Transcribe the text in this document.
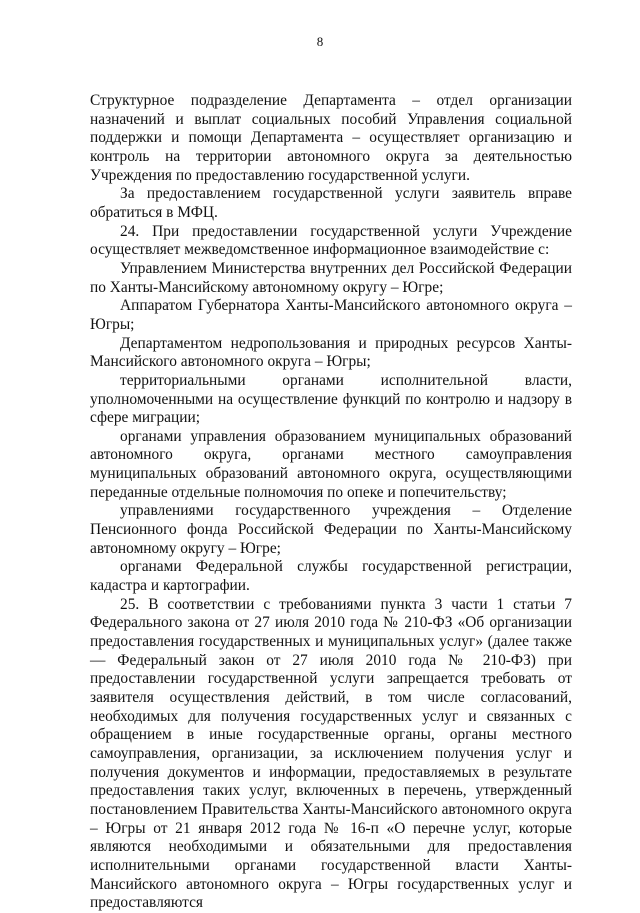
8

Структурное подразделение Департамента – отдел организации назначений и выплат социальных пособий Управления социальной поддержки и помощи Департамента – осуществляет организацию и контроль на территории автономного округа за деятельностью Учреждения по предоставлению государственной услуги.

За предоставлением государственной услуги заявитель вправе обратиться в МФЦ.

24. При предоставлении государственной услуги Учреждение осуществляет межведомственное информационное взаимодействие с:

Управлением Министерства внутренних дел Российской Федерации по Ханты-Мансийскому автономному округу – Югре;

Аппаратом Губернатора Ханты-Мансийского автономного округа – Югры;

Департаментом недропользования и природных ресурсов Ханты-Мансийского автономного округа – Югры;

территориальными органами исполнительной власти, уполномоченными на осуществление функций по контролю и надзору в сфере миграции;

органами управления образованием муниципальных образований автономного округа, органами местного самоуправления муниципальных образований автономного округа, осуществляющими переданные отдельные полномочия по опеке и попечительству;

управлениями государственного учреждения – Отделение Пенсионного фонда Российской Федерации по Ханты-Мансийскому автономному округу – Югре;

органами Федеральной службы государственной регистрации, кадастра и картографии.

25. В соответствии с требованиями пункта 3 части 1 статьи 7 Федерального закона от 27 июля 2010 года № 210-ФЗ «Об организации предоставления государственных и муниципальных услуг» (далее также — Федеральный закон от 27 июля 2010 года № 210-ФЗ) при предоставлении государственной услуги запрещается требовать от заявителя осуществления действий, в том числе согласований, необходимых для получения государственных услуг и связанных с обращением в иные государственные органы, органы местного самоуправления, организации, за исключением получения услуг и получения документов и информации, предоставляемых в результате предоставления таких услуг, включенных в перечень, утвержденный постановлением Правительства Ханты-Мансийского автономного округа – Югры от 21 января 2012 года № 16-п «О перечне услуг, которые являются необходимыми и обязательными для предоставления исполнительными органами государственной власти Ханты-Мансийского автономного округа – Югры государственных услуг и предоставляются
